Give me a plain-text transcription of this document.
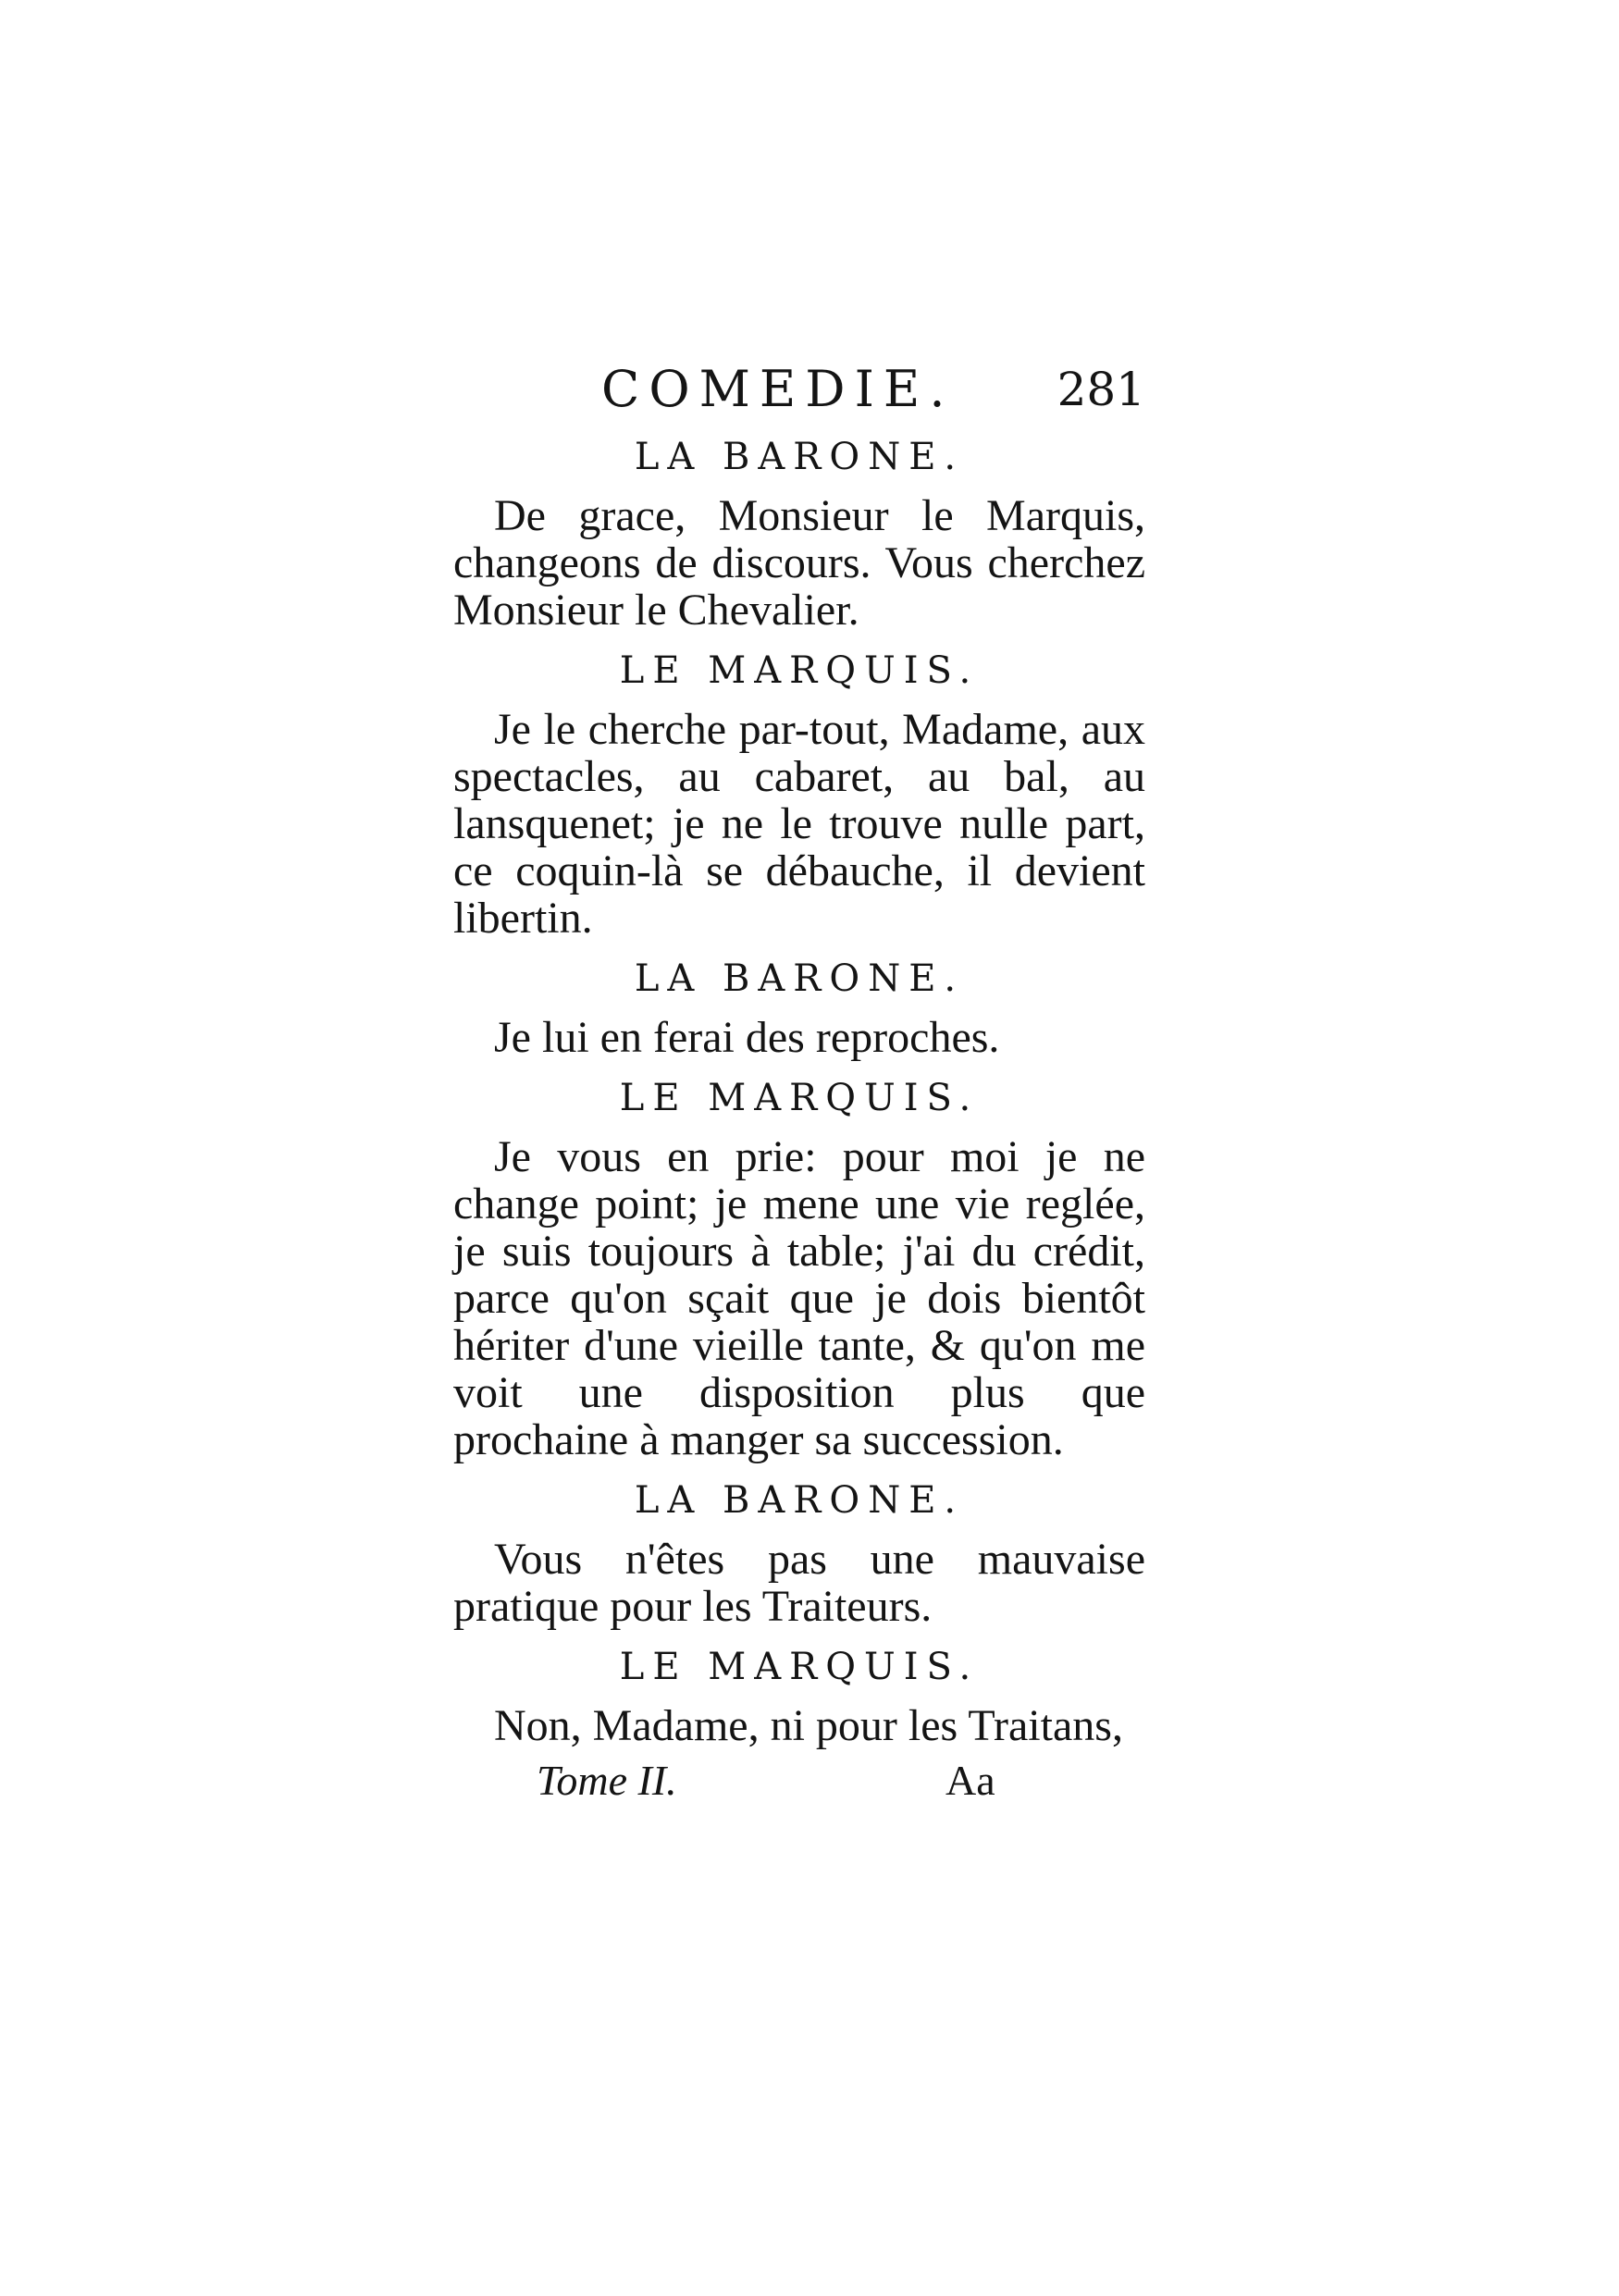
COMEDIE. 281
LA BARONE.

De grace, Monsieur le Marquis, changeons de discours. Vous cherchez Monsieur le Chevalier.

LE MARQUIS.

Je le cherche par-tout, Madame, aux spectacles, au cabaret, au bal, au lansquenet; je ne le trouve nulle part, ce coquin-là se débauche, il devient libertin.

LA BARONE.

Je lui en ferai des reproches.

LE MARQUIS.

Je vous en prie: pour moi je ne change point; je mene une vie reglée, je suis toujours à table; j'ai du crédit, parce qu'on sçait que je dois bientôt hériter d'une vieille tante, & qu'on me voit une disposition plus que prochaine à manger sa succession.

LA BARONE.

Vous n'êtes pas une mauvaise pratique pour les Traiteurs.

LE MARQUIS.

Non, Madame, ni pour les Traitans,

Tome II.	Aa
